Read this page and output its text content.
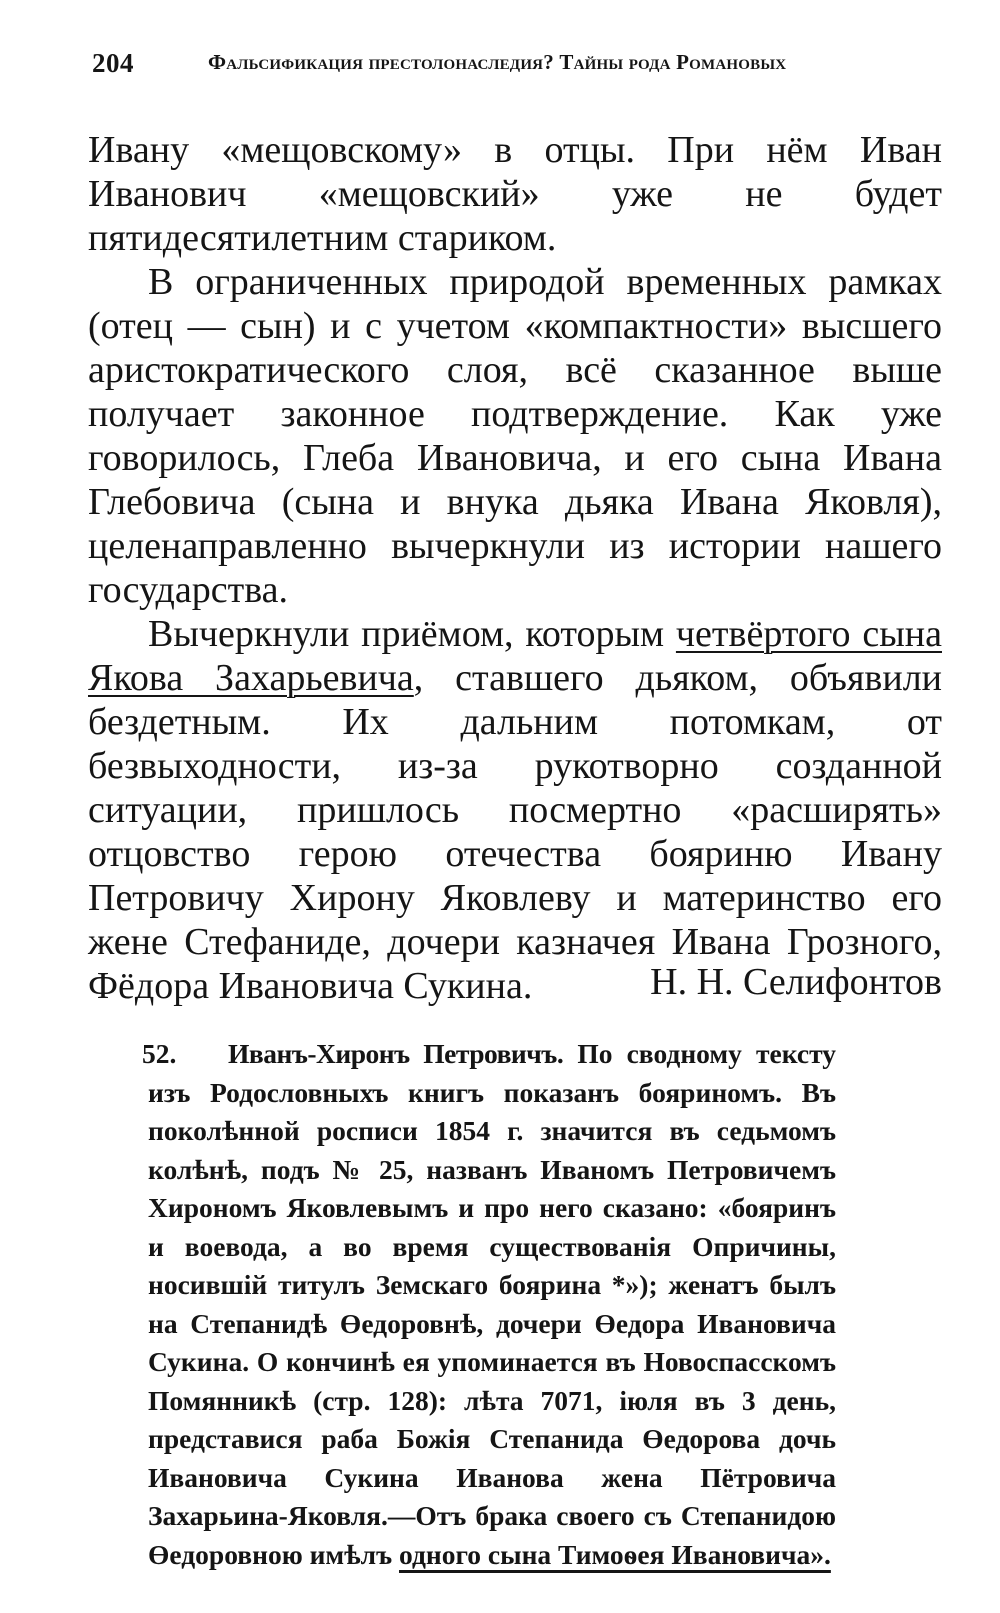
204	Фальсификация престолонаследия? Тайны рода Романовых

Ивану «мещовскому» в отцы. При нём Иван Иванович «мещовский» уже не будет пятидесятилетним стариком.

В ограниченных природой временных рамках (отец — сын) и с учетом «компактности» высшего аристократического слоя, всё сказанное выше получает законное подтверждение. Как уже говорилось, Глеба Ивановича, и его сына Ивана Глебовича (сына и внука дьяка Ивана Яковля), целенаправленно вычеркнули из истории нашего государства.

Вычеркнули приёмом, которым четвёртого сына Якова Захарьевича, ставшего дьяком, объявили бездетным. Их дальним потомкам, от безвыходности, из-за рукотворно созданной ситуации, пришлось посмертно «расширять» отцовство герою отечества бояриню Ивану Петровичу Хирону Яковлеву и материнство его жене Стефаниде, дочери казначея Ивана Грозного, Фёдора Ивановича Сукина.	Н. Н. Селифонтов
52. Иванъ-Хиронъ Петровичъ. По сводному тексту изъ Родословныхъ книгъ показанъ бояриномъ. Въ поколѣнной росписи 1854 г. значится въ седьмомъ колѣнѣ, подъ № 25, названъ Иваномъ Петровичемъ Хирономъ Яковлевымъ и про него сказано: «бояринъ и воевода, а во время существованія Опричины, носившій титулъ Земскаго боярина *»); женатъ былъ на Степанидѣ Өедоровнѣ, дочери Өедора Ивановича Сукина. О кончинѣ ея упоминается въ Новоспасскомъ Помянникѣ (стр. 128): лѣта 7071, іюля въ 3 день, представися раба Божія Степанида Өедорова дочь Ивановича Сукина Иванова жена Пётровича Захарьина-Яковля.—Отъ брака своего съ Степанидою Өедоровною имѣлъ одного сына Тимоѳея Ивановича».
